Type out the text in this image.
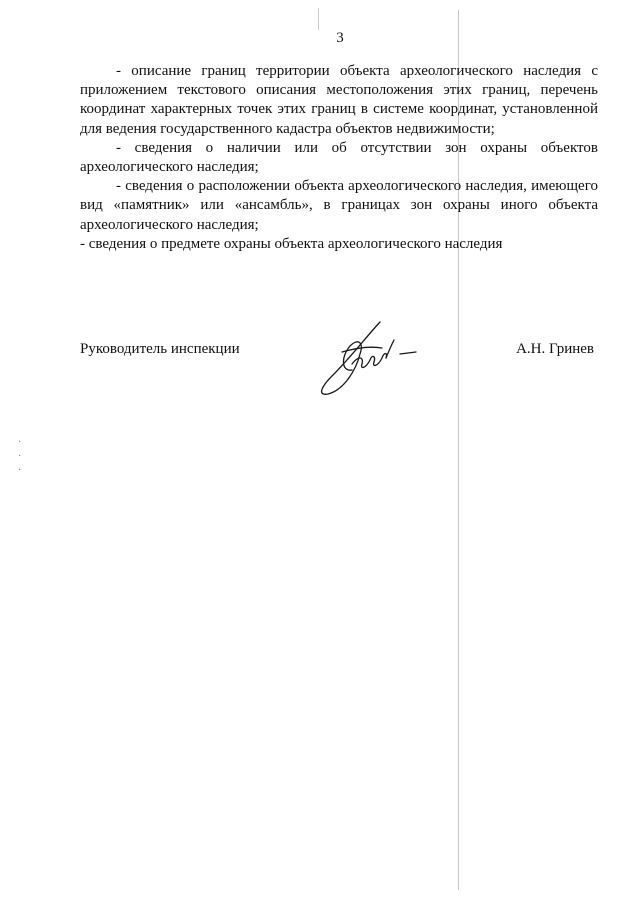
·
·
·
3

- описание границ территории объекта археологического наследия с приложением текстового описания местоположения этих границ, перечень координат характерных точек этих границ в системе координат, установленной для ведения государственного кадастра объектов недвижимости;

- сведения о наличии или об отсутствии зон охраны объектов археологического наследия;

- сведения о расположении объекта археологического наследия, имеющего вид «памятник» или «ансамбль», в границах зон охраны иного объекта археологического наследия;

- сведения о предмете охраны объекта археологического наследия

Руководитель инспекции	А.Н. Гринев
